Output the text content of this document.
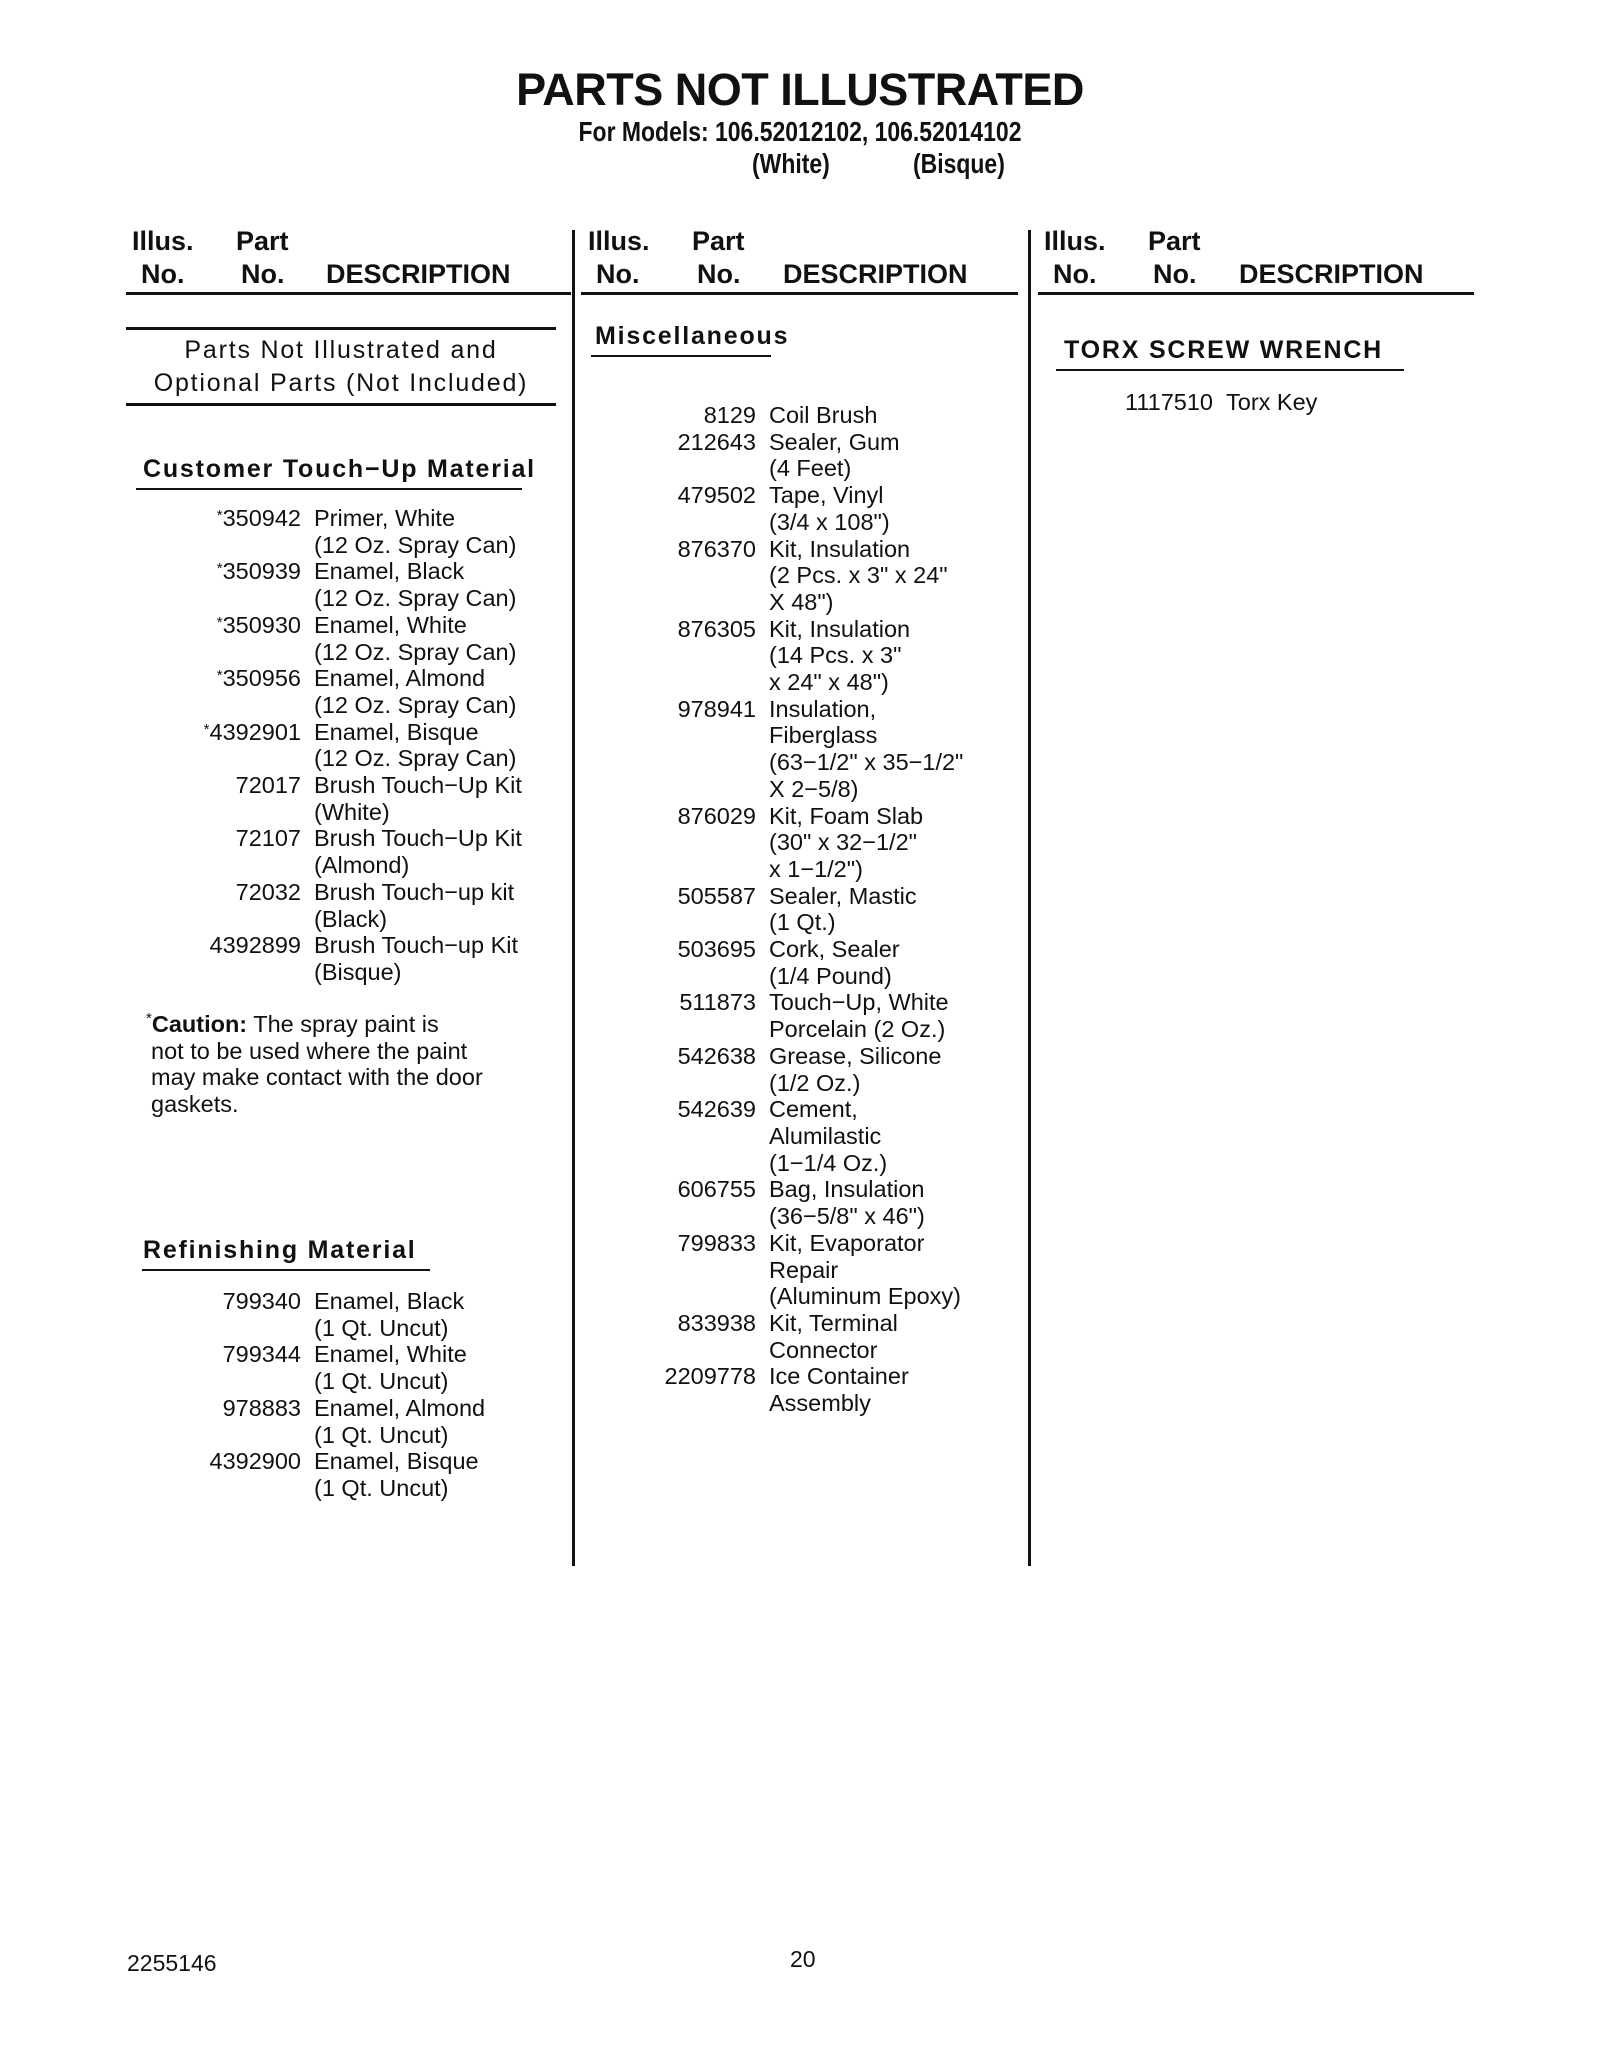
PARTS NOT ILLUSTRATED
For Models: 106.52012102, 106.52014102
(White)	(Bisque)
Illus. Part
No. No. DESCRIPTION
Parts Not Illustrated and
Optional Parts (Not Included)
Customer Touch−Up Material
*350942 Primer, White
(12 Oz. Spray Can)
*350939 Enamel, Black
(12 Oz. Spray Can)
*350930 Enamel, White
(12 Oz. Spray Can)
*350956 Enamel, Almond
(12 Oz. Spray Can)
*4392901 Enamel, Bisque
(12 Oz. Spray Can)
72017 Brush Touch−Up Kit
(White)
72107 Brush Touch−Up Kit
(Almond)
72032 Brush Touch−up kit
(Black)
4392899 Brush Touch−up Kit
(Bisque)
*Caution: The spray paint is
not to be used where the paint
may make contact with the door
gaskets.
Refinishing Material
799340 Enamel, Black
(1 Qt. Uncut)
799344 Enamel, White
(1 Qt. Uncut)
978883 Enamel, Almond
(1 Qt. Uncut)
4392900 Enamel, Bisque
(1 Qt. Uncut)
Illus. Part
No. No. DESCRIPTION
Miscellaneous
8129 Coil Brush
212643 Sealer, Gum
(4 Feet)
479502 Tape, Vinyl
(3/4 x 108")
876370 Kit, Insulation
(2 Pcs. x 3" x 24"
X 48")
876305 Kit, Insulation
(14 Pcs. x 3"
x 24" x 48")
978941 Insulation,
Fiberglass
(63−1/2" x 35−1/2"
X 2−5/8)
876029 Kit, Foam Slab
(30" x 32−1/2"
x 1−1/2")
505587 Sealer, Mastic
(1 Qt.)
503695 Cork, Sealer
(1/4 Pound)
511873 Touch−Up, White
Porcelain (2 Oz.)
542638 Grease, Silicone
(1/2 Oz.)
542639 Cement,
Alumilastic
(1−1/4 Oz.)
606755 Bag, Insulation
(36−5/8" x 46")
799833 Kit, Evaporator
Repair
(Aluminum Epoxy)
833938 Kit, Terminal
Connector
2209778 Ice Container
Assembly
Illus. Part
No. No. DESCRIPTION
TORX SCREW WRENCH
1117510 Torx Key
2255146	20
